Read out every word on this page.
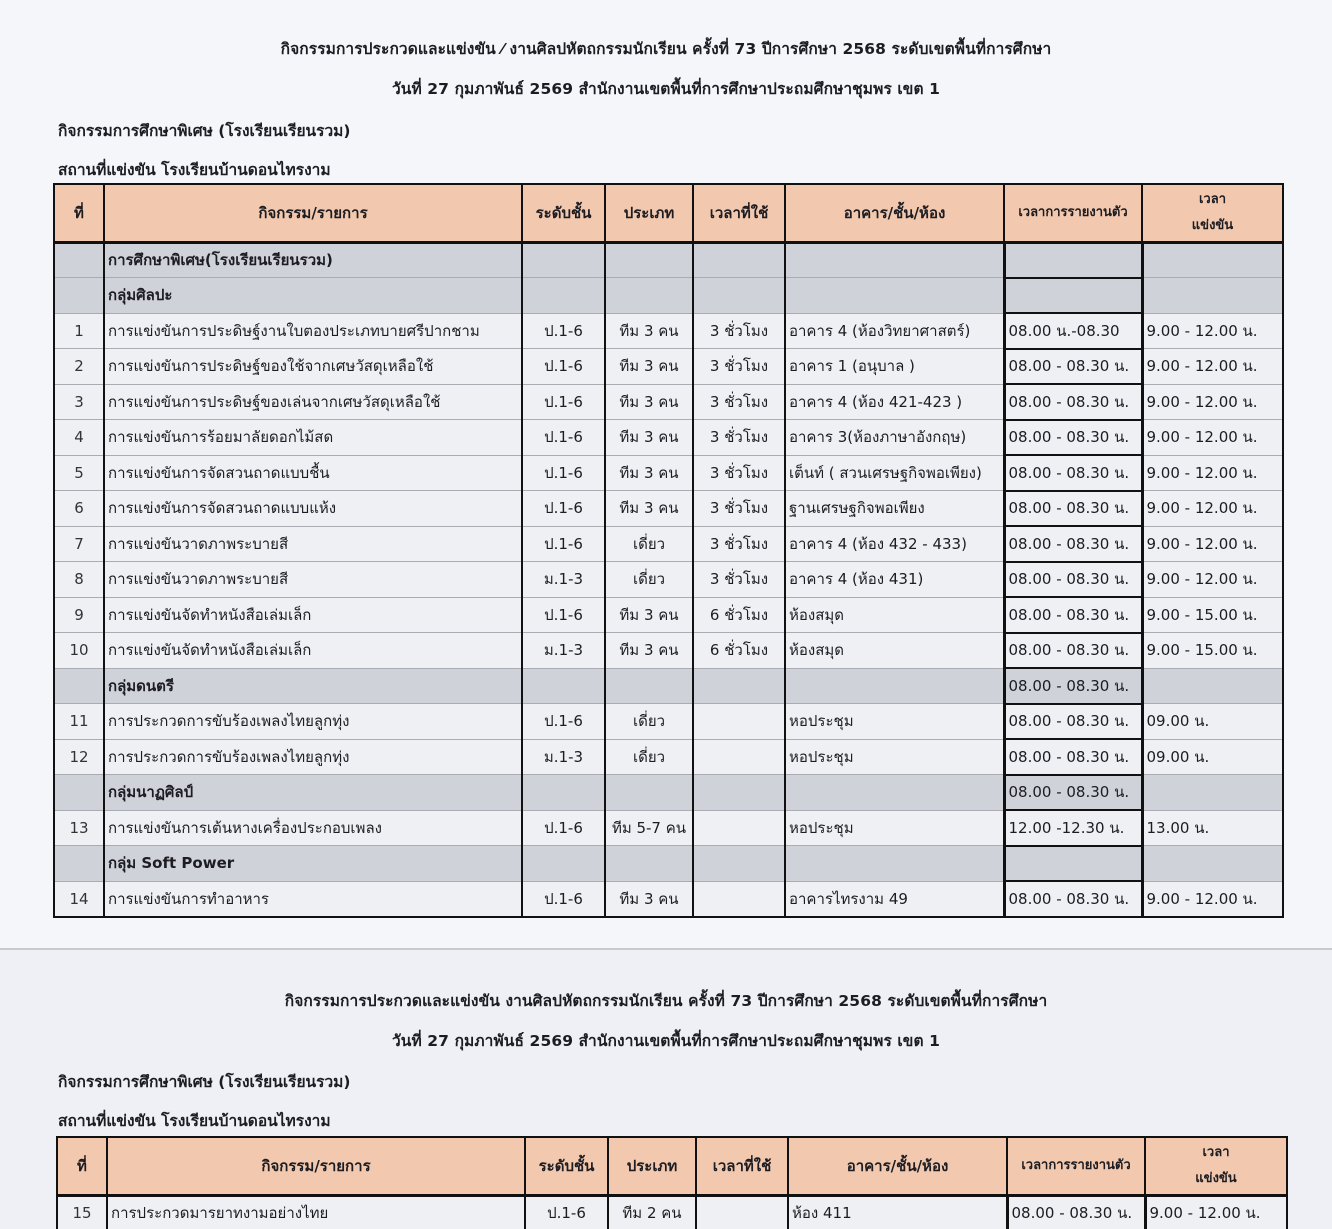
กิจกรรมการประกวดและแข่งขัน ⁄ งานศิลปหัตถกรรมนักเรียน ครั้งที่ 73 ปีการศึกษา 2568 ระดับเขตพื้นที่การศึกษา
วันที่ 27 กุมภาพันธ์ 2569 สำนักงานเขตพื้นที่การศึกษาประถมศึกษาชุมพร เขต 1
กิจกรรมการศึกษาพิเศษ (โรงเรียนเรียนรวม)
สถานที่แข่งขัน โรงเรียนบ้านดอนไทรงาม
ที่	กิจกรรม/รายการ	ระดับชั้น	ประเภท	เวลาที่ใช้	อาคาร/ชั้น/ห้อง	เวลาการรายงานตัว	เวลา
แข่งขัน

	การศึกษาพิเศษ(โรงเรียนเรียนรวม)						
	กลุ่มศิลปะ						
1	การแข่งขันการประดิษฐ์งานใบตองประเภทบายศรีปากชาม	ป.1-6	ทีม 3 คน	3 ชั่วโมง	อาคาร 4 (ห้องวิทยาศาสตร์)	08.00 น.-08.30	9.00 - 12.00 น.
2	การแข่งขันการประดิษฐ์ของใช้จากเศษวัสดุเหลือใช้	ป.1-6	ทีม 3 คน	3 ชั่วโมง	อาคาร 1 (อนุบาล )	08.00 - 08.30 น.	9.00 - 12.00 น.
3	การแข่งขันการประดิษฐ์ของเล่นจากเศษวัสดุเหลือใช้	ป.1-6	ทีม 3 คน	3 ชั่วโมง	อาคาร 4 (ห้อง 421-423 )	08.00 - 08.30 น.	9.00 - 12.00 น.
4	การแข่งขันการร้อยมาลัยดอกไม้สด	ป.1-6	ทีม 3 คน	3 ชั่วโมง	อาคาร 3(ห้องภาษาอังกฤษ)	08.00 - 08.30 น.	9.00 - 12.00 น.
5	การแข่งขันการจัดสวนถาดแบบชื้น	ป.1-6	ทีม 3 คน	3 ชั่วโมง	เต็นท์ ( สวนเศรษฐกิจพอเพียง)	08.00 - 08.30 น.	9.00 - 12.00 น.
6	การแข่งขันการจัดสวนถาดแบบแห้ง	ป.1-6	ทีม 3 คน	3 ชั่วโมง	ฐานเศรษฐกิจพอเพียง	08.00 - 08.30 น.	9.00 - 12.00 น.
7	การแข่งขันวาดภาพระบายสี	ป.1-6	เดี่ยว	3 ชั่วโมง	อาคาร 4 (ห้อง 432 - 433)	08.00 - 08.30 น.	9.00 - 12.00 น.
8	การแข่งขันวาดภาพระบายสี	ม.1-3	เดี่ยว	3 ชั่วโมง	อาคาร 4 (ห้อง 431)	08.00 - 08.30 น.	9.00 - 12.00 น.
9	การแข่งขันจัดทำหนังสือเล่มเล็ก	ป.1-6	ทีม 3 คน	6 ชั่วโมง	ห้องสมุด	08.00 - 08.30 น.	9.00 - 15.00 น.
10	การแข่งขันจัดทำหนังสือเล่มเล็ก	ม.1-3	ทีม 3 คน	6 ชั่วโมง	ห้องสมุด	08.00 - 08.30 น.	9.00 - 15.00 น.
	กลุ่มดนตรี					08.00 - 08.30 น.	
11	การประกวดการขับร้องเพลงไทยลูกทุ่ง	ป.1-6	เดี่ยว		หอประชุม	08.00 - 08.30 น.	09.00 น.
12	การประกวดการขับร้องเพลงไทยลูกทุ่ง	ม.1-3	เดี่ยว		หอประชุม	08.00 - 08.30 น.	09.00 น.
	กลุ่มนาฏศิลป์					08.00 - 08.30 น.	
13	การแข่งขันการเต้นหางเครื่องประกอบเพลง	ป.1-6	ทีม 5-7 คน		หอประชุม	12.00 -12.30 น.	13.00 น.
	กลุ่ม Soft Power						
14	การแข่งขันการทำอาหาร	ป.1-6	ทีม 3 คน		อาคารไทรงาม 49	08.00 - 08.30 น.	9.00 - 12.00 น.
กิจกรรมการประกวดและแข่งขัน งานศิลปหัตถกรรมนักเรียน ครั้งที่ 73 ปีการศึกษา 2568 ระดับเขตพื้นที่การศึกษา
วันที่ 27 กุมภาพันธ์ 2569 สำนักงานเขตพื้นที่การศึกษาประถมศึกษาชุมพร เขต 1
กิจกรรมการศึกษาพิเศษ (โรงเรียนเรียนรวม)
สถานที่แข่งขัน โรงเรียนบ้านดอนไทรงาม
ที่	กิจกรรม/รายการ	ระดับชั้น	ประเภท	เวลาที่ใช้	อาคาร/ชั้น/ห้อง	เวลาการรายงานตัว	เวลา
แข่งขัน

15	การประกวดมารยาทงามอย่างไทย	ป.1-6	ทีม 2 คน		ห้อง 411	08.00 - 08.30 น.	9.00 - 12.00 น.
